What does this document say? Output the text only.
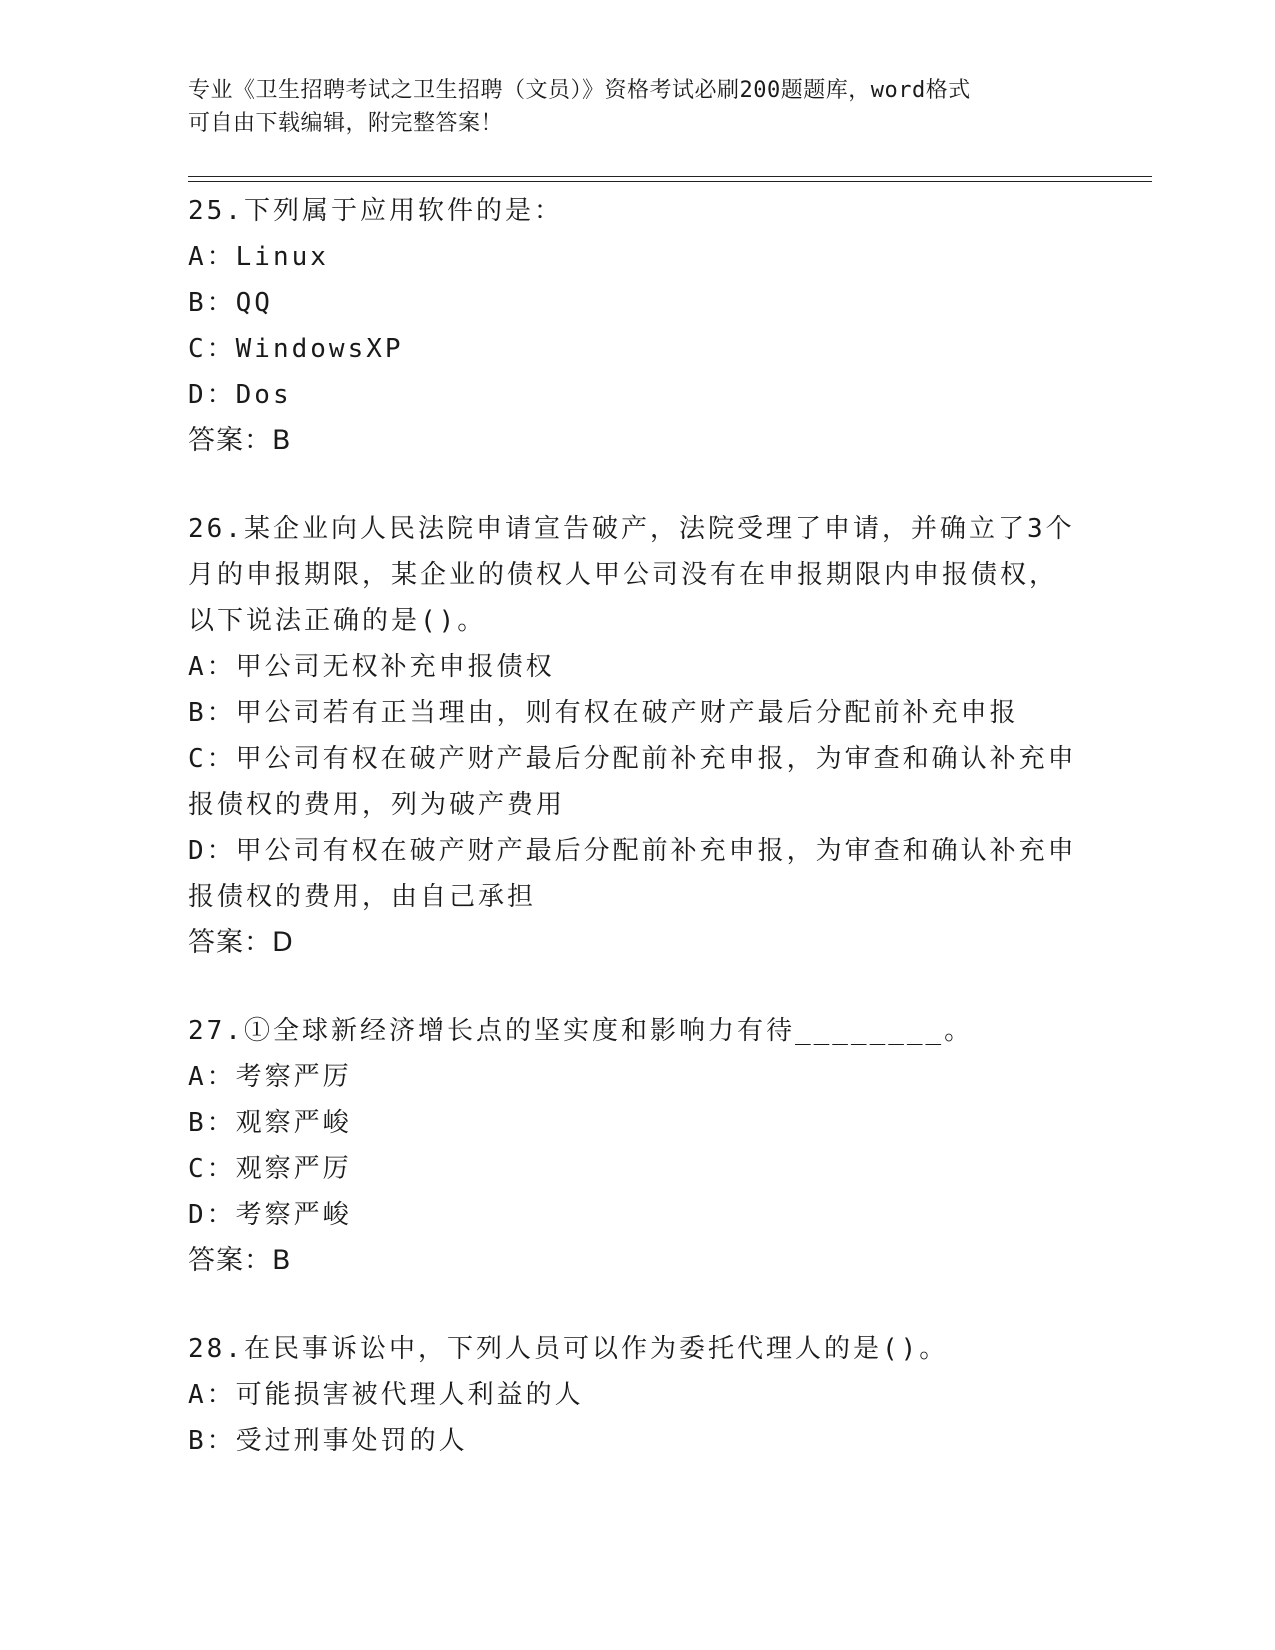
专业《卫生招聘考试之卫生招聘（文员）》资格考试必刷200题题库，word格式
可自由下载编辑，附完整答案！
25.下列属于应用软件的是：
A：Linux
B：QQ
C：WindowsXP
D：Dos
答案：B
26.某企业向人民法院申请宣告破产，法院受理了申请，并确立了3个
月的申报期限，某企业的债权人甲公司没有在申报期限内申报债权，
以下说法正确的是()。
A：甲公司无权补充申报债权
B：甲公司若有正当理由，则有权在破产财产最后分配前补充申报
C：甲公司有权在破产财产最后分配前补充申报，为审查和确认补充申
报债权的费用，列为破产费用
D：甲公司有权在破产财产最后分配前补充申报，为审查和确认补充申
报债权的费用，由自己承担
答案：D
27.①全球新经济增长点的坚实度和影响力有待________。
A：考察严厉
B：观察严峻
C：观察严厉
D：考察严峻
答案：B
28.在民事诉讼中，下列人员可以作为委托代理人的是()。
A：可能损害被代理人利益的人
B：受过刑事处罚的人
